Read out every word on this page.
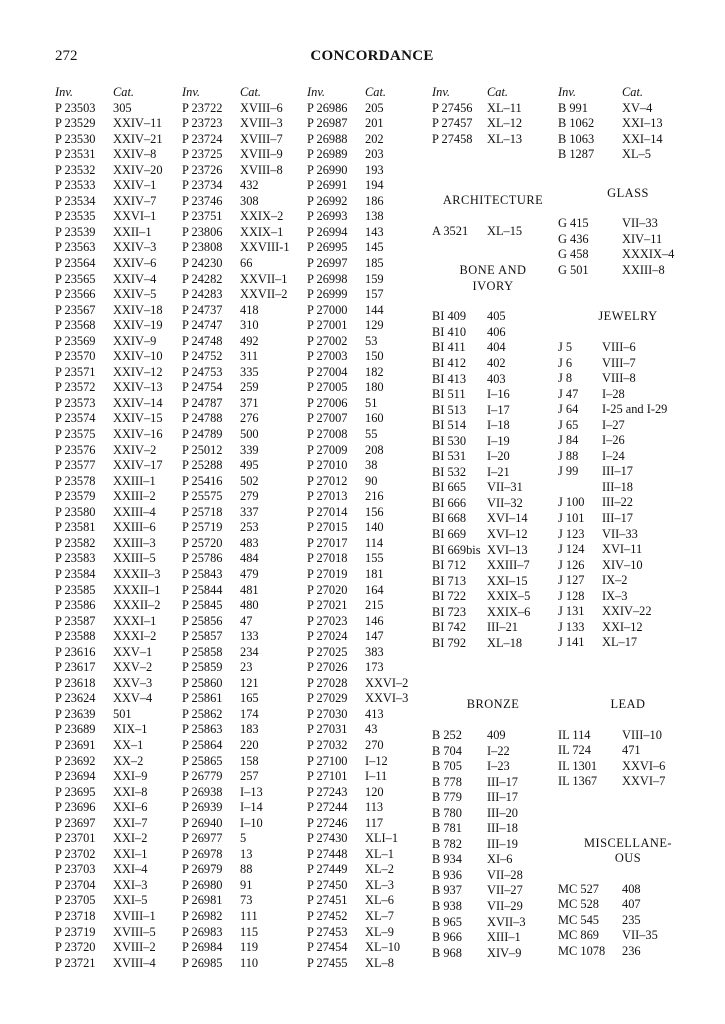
272	CONCORDANCE
Inv.	Cat.
P 23503 305
P 23529 XXIV–11
P 23530 XXIV–21
P 23531 XXIV–8
P 23532 XXIV–20
P 23533 XXIV–1
P 23534 XXIV–7
P 23535 XXVI–1
P 23539 XXII–1
P 23563 XXIV–3
P 23564 XXIV–6
P 23565 XXIV–4
P 23566 XXIV–5
P 23567 XXIV–18
P 23568 XXIV–19
P 23569 XXIV–9
P 23570 XXIV–10
P 23571 XXIV–12
P 23572 XXIV–13
P 23573 XXIV–14
P 23574 XXIV–15
P 23575 XXIV–16
P 23576 XXIV–2
P 23577 XXIV–17
P 23578 XXIII–1
P 23579 XXIII–2
P 23580 XXIII–4
P 23581 XXIII–6
P 23582 XXIII–3
P 23583 XXIII–5
P 23584 XXXII–3
P 23585 XXXII–1
P 23586 XXXII–2
P 23587 XXXI–1
P 23588 XXXI–2
P 23616 XXV–1
P 23617 XXV–2
P 23618 XXV–3
P 23624 XXV–4
P 23639 501
P 23689 XIX–1
P 23691 XX–1
P 23692 XX–2
P 23694 XXI–9
P 23695 XXI–8
P 23696 XXI–6
P 23697 XXI–7
P 23701 XXI–2
P 23702 XXI–1
P 23703 XXI–4
P 23704 XXI–3
P 23705 XXI–5
P 23718 XVIII–1
P 23719 XVIII–5
P 23720 XVIII–2
P 23721 XVIII–4
Inv.	Cat.
P 23722 XVIII–6
P 23723 XVIII–3
P 23724 XVIII–7
P 23725 XVIII–9
P 23726 XVIII–8
P 23734 432
P 23746 308
P 23751 XXIX–2
P 23806 XXIX–1
P 23808 XXVIII-1
P 24230 66
P 24282 XXVII–1
P 24283 XXVII–2
P 24737 418
P 24747 310
P 24748 492
P 24752 311
P 24753 335
P 24754 259
P 24787 371
P 24788 276
P 24789 500
P 25012 339
P 25288 495
P 25416 502
P 25575 279
P 25718 337
P 25719 253
P 25720 483
P 25786 484
P 25843 479
P 25844 481
P 25845 480
P 25856 47
P 25857 133
P 25858 234
P 25859 23
P 25860 121
P 25861 165
P 25862 174
P 25863 183
P 25864 220
P 25865 158
P 26779 257
P 26938 I–13
P 26939 I–14
P 26940 I–10
P 26977 5
P 26978 13
P 26979 88
P 26980 91
P 26981 73
P 26982 111
P 26983 115
P 26984 119
P 26985 110
Inv.	Cat.
P 26986 205
P 26987 201
P 26988 202
P 26989 203
P 26990 193
P 26991 194
P 26992 186
P 26993 138
P 26994 143
P 26995 145
P 26997 185
P 26998 159
P 26999 157
P 27000 144
P 27001 129
P 27002 53
P 27003 150
P 27004 182
P 27005 180
P 27006 51
P 27007 160
P 27008 55
P 27009 208
P 27010 38
P 27012 90
P 27013 216
P 27014 156
P 27015 140
P 27017 114
P 27018 155
P 27019 181
P 27020 164
P 27021 215
P 27023 146
P 27024 147
P 27025 383
P 27026 173
P 27028 XXVI–2
P 27029 XXVI–3
P 27030 413
P 27031 43
P 27032 270
P 27100 I–12
P 27101 I–11
P 27243 120
P 27244 113
P 27246 117
P 27430 XLI–1
P 27448 XL–1
P 27449 XL–2
P 27450 XL–3
P 27451 XL–6
P 27452 XL–7
P 27453 XL–9
P 27454 XL–10
P 27455 XL–8
Inv.	Cat.
P 27456 XL–11
P 27457 XL–12
P 27458 XL–13
ARCHITECTURE
A 3521 XL–15
BONE AND
IVORY
BI 409 405
BI 410 406
BI 411 404
BI 412 402
BI 413 403
BI 511 I–16
BI 513 I–17
BI 514 I–18
BI 530 I–19
BI 531 I–20
BI 532 I–21
BI 665 VII–31
BI 666 VII–32
BI 668 XVI–14
BI 669 XVI–12
BI 669bis XVI–13
BI 712 XXIII–7
BI 713 XXI–15
BI 722 XXIX–5
BI 723 XXIX–6
BI 742 III–21
BI 792 XL–18
BRONZE
B 252 409
B 704 I–22
B 705 I–23
B 778 III–17
B 779 III–17
B 780 III–20
B 781 III–18
B 782 III–19
B 934 XI–6
B 936 VII–28
B 937 VII–27
B 938 VII–29
B 965 XVII–3
B 966 XIII–1
B 968 XIV–9
Inv.	Cat.
B 991	XV–4
B 1062 XXI–13
B 1063 XXI–14
B 1287 XL–5
GLASS
G 415	VII–33
G 436	XIV–11
G 458	XXXIX–4
G 501	XXIII–8
JEWELRY
J 5 VIII–6
J 6 VIII–7
J 8 VIII–8
J 47 I–28
J 64 I-25 and I-29
J 65 I–27
J 84 I–26
J 88 I–24
J 99 III–17
III–18
J 100 III–22
J 101 III–17
J 123 VII–33
J 124 XVI–11
J 126 XIV–10
J 127 IX–2
J 128 IX–3
J 131 XXIV–22
J 133 XXI–12
J 141 XL–17
LEAD
IL 114	VIII–10
IL 724	471
IL 1301 XXVI–6
IL 1367 XXVI–7
MISCELLANE-
OUS
MC 527 408
MC 528 407
MC 545 235
MC 869 VII–35
MC 1078 236
